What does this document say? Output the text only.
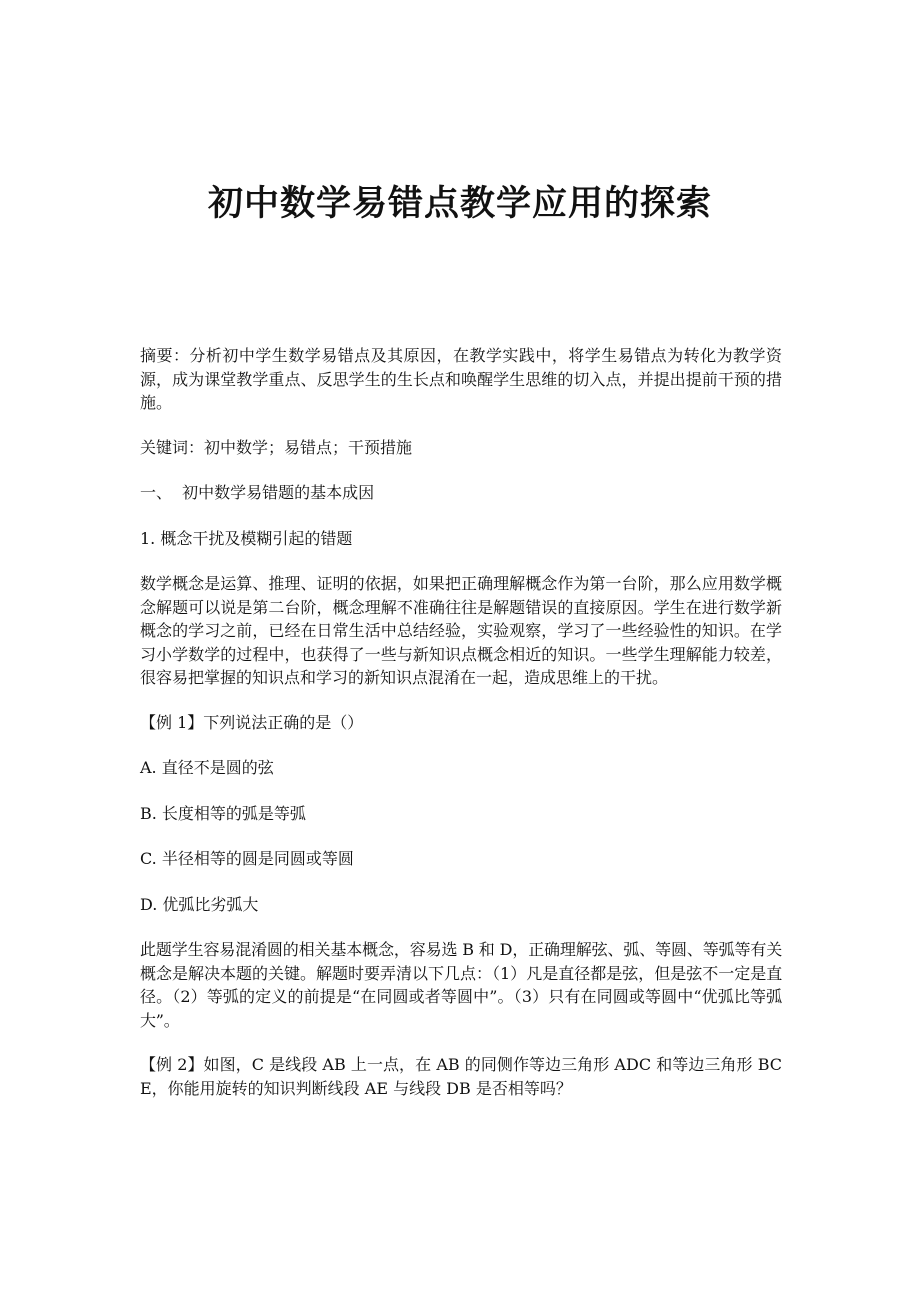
初中数学易错点教学应用的探索

摘要：分析初中学生数学易错点及其原因，在教学实践中，将学生易错点为转化为教学资源，成为课堂教学重点、反思学生的生长点和唤醒学生思维的切入点，并提出提前干预的措施。

关键词：初中数学；易错点；干预措施

一、  初中数学易错题的基本成因

1. 概念干扰及模糊引起的错题

数学概念是运算、推理、证明的依据，如果把正确理解概念作为第一台阶，那么应用数学概念解题可以说是第二台阶，概念理解不准确往往是解题错误的直接原因。学生在进行数学新概念的学习之前，已经在日常生活中总结经验，实验观察，学习了一些经验性的知识。在学习小学数学的过程中，也获得了一些与新知识点概念相近的知识。一些学生理解能力较差，很容易把掌握的知识点和学习的新知识点混淆在一起，造成思维上的干扰。

【例 1】下列说法正确的是（）

A. 直径不是圆的弦

B. 长度相等的弧是等弧

C. 半径相等的圆是同圆或等圆

D. 优弧比劣弧大

此题学生容易混淆圆的相关基本概念，容易选 B 和 D，正确理解弦、弧、等圆、等弧等有关概念是解决本题的关键。解题时要弄清以下几点：（1）凡是直径都是弦，但是弦不一定是直径。（2）等弧的定义的前提是“在同圆或者等圆中”。（3）只有在同圆或等圆中“优弧比等弧大”。

【例 2】如图，C 是线段 AB 上一点，在 AB 的同侧作等边三角形 ADC 和等边三角形 BCE，你能用旋转的知识判断线段 AE 与线段 DB 是否相等吗？
